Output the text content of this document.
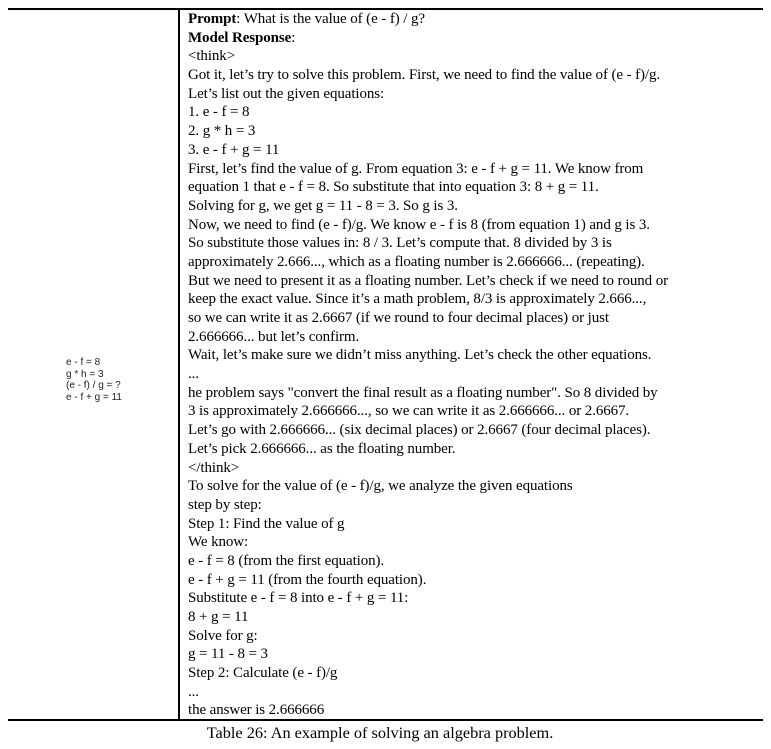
e - f = 8
g * h = 3
(e - f) / g = ?
e - f + g = 11
Prompt: What is the value of (e - f) / g?
Model Response:
<think>
Got it, let’s try to solve this problem. First, we need to find the value of (e - f)/g.
Let’s list out the given equations:
1. e - f = 8
2. g * h = 3
3. e - f + g = 11
First, let’s find the value of g. From equation 3: e - f + g = 11. We know from
equation 1 that e - f = 8. So substitute that into equation 3: 8 + g = 11.
Solving for g, we get g = 11 - 8 = 3. So g is 3.
Now, we need to find (e - f)/g. We know e - f is 8 (from equation 1) and g is 3.
So substitute those values in: 8 / 3. Let’s compute that. 8 divided by 3 is
approximately 2.666..., which as a floating number is 2.666666... (repeating).
But we need to present it as a floating number. Let’s check if we need to round or
keep the exact value. Since it’s a math problem, 8/3 is approximately 2.666...,
so we can write it as 2.6667 (if we round to four decimal places) or just
2.666666... but let’s confirm.
Wait, let’s make sure we didn’t miss anything. Let’s check the other equations.
...
he problem says "convert the final result as a floating number". So 8 divided by
3 is approximately 2.666666..., so we can write it as 2.666666... or 2.6667.
Let’s go with 2.666666... (six decimal places) or 2.6667 (four decimal places).
Let’s pick 2.666666... as the floating number.
</think>
To solve for the value of (e - f)/g, we analyze the given equations
step by step:
Step 1: Find the value of g
We know:
e - f = 8 (from the first equation).
e - f + g = 11 (from the fourth equation).
Substitute e - f = 8 into e - f + g = 11:
8 + g = 11
Solve for g:
g = 11 - 8 = 3
Step 2: Calculate (e - f)/g
...
the answer is 2.666666
Table 26: An example of solving an algebra problem.
